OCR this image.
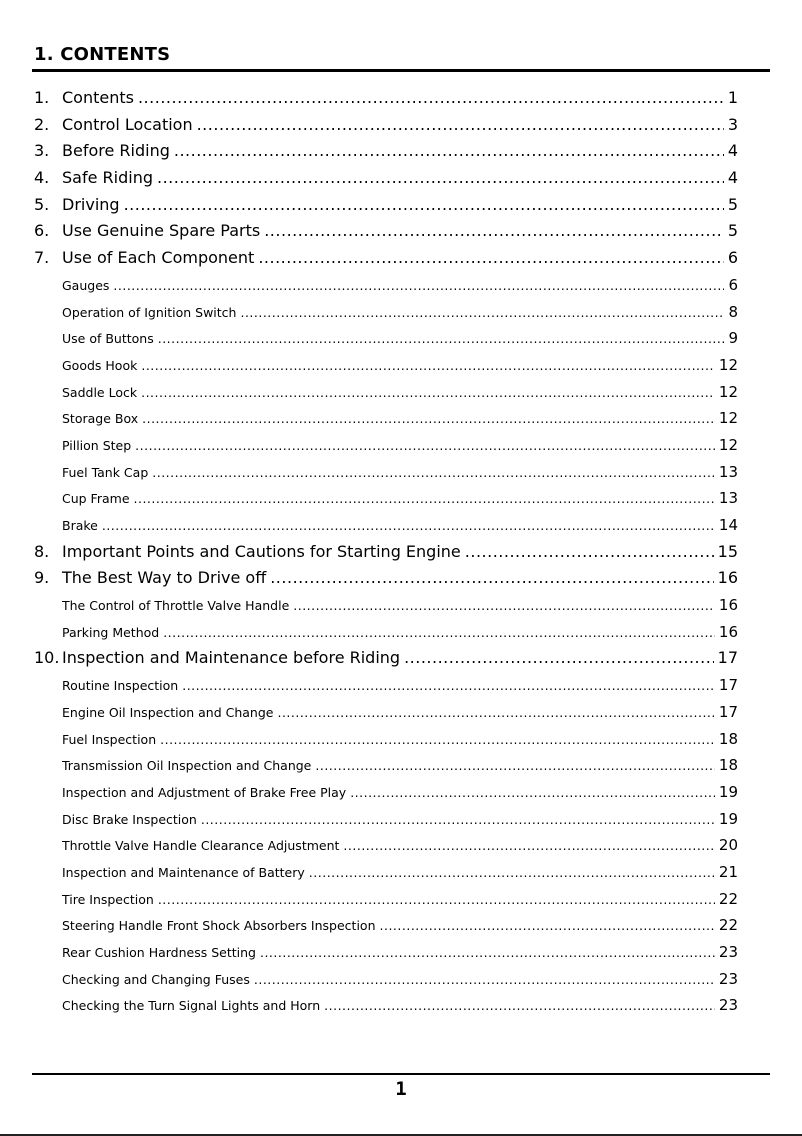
1. CONTENTS
1. Contents .....	1
2. Control Location .....	3
3. Before Riding .....	4
4. Safe Riding .....	4
5. Driving .....	5
6. Use Genuine Spare Parts .....	5
7. Use of Each Component .....	6
Gauges .....	6
Operation of Ignition Switch .....	8
Use of Buttons .....	9
Goods Hook .....	12
Saddle Lock .....	12
Storage Box .....	12
Pillion Step .....	12
Fuel Tank Cap .....	13
Cup Frame .....	13
Brake .....	14
8. Important Points and Cautions for Starting Engine .....	15
9. The Best Way to Drive off .....	16
The Control of Throttle Valve Handle .....	16
Parking Method .....	16
10. Inspection and Maintenance before Riding .....	17
Routine Inspection .....	17
Engine Oil Inspection and Change .....	17
Fuel Inspection .....	18
Transmission Oil Inspection and Change .....	18
Inspection and Adjustment of Brake Free Play .....	19
Disc Brake Inspection .....	19
Throttle Valve Handle Clearance Adjustment .....	20
Inspection and Maintenance of Battery .....	21
Tire Inspection .....	22
Steering Handle Front Shock Absorbers Inspection .....	22
Rear Cushion Hardness Setting .....	23
Checking and Changing Fuses .....	23
Checking the Turn Signal Lights and Horn .....	23
1
